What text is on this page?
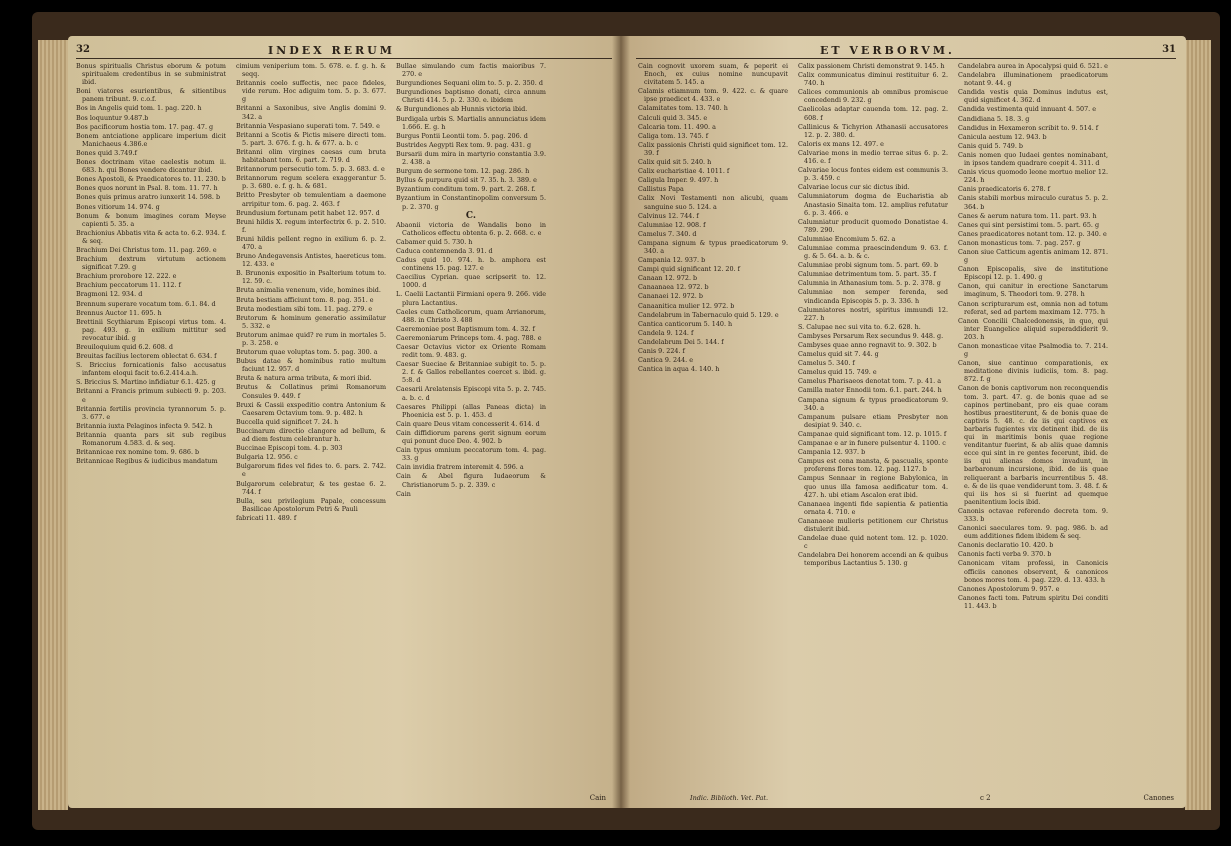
32	INDEX RERUM

Bonus spiritualis Christus eborum & potum spiritualem credentibus in se subministrat ibid.

Boni viatores esurientibus, & sitientibus panem tribunt. 9. c.o.f.

Bos in Angelis quid tom. 1. pag. 220. h

Bos loquuntur 9.487.b

Bos pacificorum hostia tom. 17. pag. 47. g

Bonem antciatione applicare imperium dicit Manichaeus 4.386.e

Bones quid 3.749.f

Bones doctrinam vitae caelestis notum ii. 683. h. qui Bones vendere dicantur ibid.

Bones Apostoli, & Praedicatores to. 11. 230. b

Bones quos norunt in Psal. 8. tom. 11. 77. h

Bones quis primus aratro iunxerit 14. 598. b

Bones vitiorum 14. 974. g

Bonum & bonum imagines coram Meyse capienti 5. 35. a

Brachionius Abbatis vita & acta to. 6.2. 934. f. & seq.

Brachium Dei Christus tom. 11. pag. 269. e

Brachium dextrum virtutum actionem significat 7.29. g

Brachium prorobore 12. 222. e

Brachium peccatorum 11. 112. f

Bragmoni 12. 934. d

Brennum superare vocatum tom. 6.1. 84. d

Brennus Auctor 11. 695. h

Brettinii Scythiarum Episcopi virtus tom. 4. pag. 493. g. in exilium mittitur sed revocatur ibid. g

Breuiloquium quid 6.2. 608. d

Breuitas facilius lectorem oblectat 6. 634. f

S. Briccius fornicationis falso accusatus infantem eloqui facit to.6.2.414.a.h.

S. Briccius S. Martino infidiatur 6.1. 425. g

Britanni a Francis primum subiecti 9. p. 203. e

Britannia fertilis provincia tyrannorum 5. p. 3. 677. e

Britannia iuxta Pelaginos infecta 9. 542. h

Britannia quanta pars sit sub regibus Romanorum 4.583. d. & seq.

Britannicae rex nomine tom. 9. 686. b

Britannicae Regibus & iudicibus mandatum

cimium veniperium tom. 5. 678. e. f. g. h. & seqq.

Britannis coelo suffectis, nec pace fideles, vide rerum. Hoc adiguim tom. 5. p. 3. 677. g

Britanni a Saxonibus, sive Anglis domini 9. 342. a

Britannia Vespasiano superati tom. 7. 549. e

Britanni a Scotis & Pictis misere directi tom. 5. part. 3. 676. f. g. h. & 677. a. b. c

Britanni olim virgines caesas cum bruta habitabant tom. 6. part. 2. 719. d

Britannorum persecutio tom. 5. p. 3. 683. d. e

Britannorum regum scelera exaggerantur 5. p. 3. 680. e. f. g. h. & 681.

Britto Presbyter ob temulentiam a daemone arripitur tom. 6. pag. 2. 463. f

Brundusium fortunam petit habet 12. 957. d

Bruni hildis X. regum interfectrix 6. p. 2. 510. f.

Bruni hildis pellent regno in exilium 6. p. 2. 470. a

Bruno Andegavensis Antistes, haereticus tom. 12. 433. e

B. Brunonis expositio in Psalterium totum to. 12. 59. c.

Bruta animalia venenum, vide, homines ibid.

Bruta bestiam afficiunt tom. 8. pag. 351. e

Bruta modestiam sibi tom. 11. pag. 279. e

Brutorum & hominum generatio assimilatur 5. 332. e

Brutorum animae quid? re rum in mortales 5. p. 3. 258. e

Brutorum quae voluptas tom. 5. pag. 300. a

Bubus datae & hominibus ratio multum faciunt 12. 957. d

Bruta & natura arma tributa, & mori ibid.

Brutus & Collatinus primi Romanorum Consules 9. 449. f

Bruxi & Cassii exspeditio contra Antonium & Caesarem Octavium tom. 9. p. 482. h

Buccella quid significet 7. 24. h

Buccinarum directio clangore ad bellum, & ad diem festum celebrantur h.

Buccinae Episcopi tom. 4. p. 303

Bulgaria 12. 956. c

Bulgarorum fides vel fides to. 6. pars. 2. 742. e

Bulgarorum celebratur, & tes gestae 6. 2. 744. f

Bulla, seu privilegium Papale, concessum Basilicae Apostolorum Petri & Pauli

fabricati 11. 489. f

Bullae simulando cum factis maioribus 7. 270. e

Burgundiones Sequani olim to. 5. p. 2. 350. d

Burgundiones baptismo donati, circa annum Christi 414. 5. p. 2. 330. e. ibidem

& Burgundiones ab Hunnis victoria ibid.

Burdigala urbis S. Martialis annunciatus idem 1.666. E. g. h

Burgus Pontii Leontii tom. 5. pag. 206. d

Bustrides Aegypti Rex tom. 9. pag. 431. g

Bursarii dum mira in martyrio constantia 3.9. 2. 438. a

Burgum de sermone tom. 12. pag. 286. h

Byllus & purpura quid sit 7. 35. h. 3. 389. e

Byzantium conditum tom. 9. part. 2. 268. f.

Byzantium in Constantinopolim conversum 5. p. 2. 370. g

C.

Abaonii victoria de Wandalis bono in Catholicos effectu obtenta 6. p. 2. 668. c. e

Cabamer quid 5. 730. h

Caduca contemnenda 3. 91. d

Cadus quid 10. 974. h. b. amphora est continens 15. pag. 127. e

Caecilius Cyprian. quae scripserit to. 12. 1000. d

L. Caelii Lactantii Firmiani opera 9. 266. vide plura Lactantius.

Caeles cum Catholicorum, quam Arrianorum, 488. in Christo 3. 488

Caeremoniae post Baptismum tom. 4. 32. f

Caeremoniarum Princeps tom. 4. pag. 788. e

Caesar Octavius victor ex Oriente Romam redit tom. 9. 483. g.

Caesar Sueciae & Britanniae subigit to. 5. p. 2. f. & Gallos rebellantes coercet s. ibid. g. 5:8. d

Caesarii Arelatensis Episcopi vita 5. p. 2. 745. a. b. c. d

Caesares Philippi (allas Paneas dicta) in Phoenicia est 5. p. 1. 453. d

Cain quare Deus vitam concesserit 4. 614. d

Cain diffidiorum parens gerit signum eorum qui ponunt duce Deo. 4. 902. b

Cain typus omnium peccatorum tom. 4. pag. 33. g

Cain invidia fratrem interemit 4. 596. a

Cain & Abel figura Iudaeorum & Christianorum 5. p. 2. 339. c

Cain

Cain
ET VERBORVM.	31

Cain cognovit uxorem suam, & peperit ei Enoch, ex cuius nomine nuncupavit civitatem 5. 145. a

Calamis etiamnum tom. 9. 422. c. & quare ipse praedicet 4. 433. e

Calamitates tom. 13. 740. h

Calculi quid 3. 345. e

Calcaria tom. 11. 490. a

Caliga tom. 13. 745. f

Calix passionis Christi quid significet tom. 12. 39. f

Calix quid sit 5. 240. h

Calix eucharistiae 4. 1011. f

Caligula Imper. 9. 497. h

Callistus Papa

Calix Novi Testamenti non alicubi, quam sanguine suo 5. 124. a

Calvinus 12. 744. f

Calumniae 12. 908. f

Camelus 7. 340. d

Campana signum & typus praedicatorum 9. 340. a

Campania 12. 937. b

Campi quid significant 12. 20. f

Canaan 12. 972. b

Canaanaea 12. 972. b

Cananaei 12. 972. b

Canaanitica mulier 12. 972. b

Candelabrum in Tabernaculo quid 5. 129. e

Cantica canticorum 5. 140. h

Candela 9. 124. f

Candelabrum Dei 5. 144. f

Canis 9. 224. f

Cantica 9. 244. e

Cantica in aqua 4. 140. h

Calix passionem Christi demonstrat 9. 145. h

Calix communicatus diminui restituitur 6. 2. 740. h

Calices communionis ab omnibus promiscue concedendi 9. 232. g

Caelicolas adaptar cauenda tom. 12. pag. 2. 608. f

Callinicus & Tichyrion Athanasii accusatores 12. p. 2. 380. d.

Caloris ex mans 12. 497. e

Calvariae mons in medio terrae situs 6. p. 2. 416. e. f

Calvariae locus fontes eidem est communis 3. p. 3. 459. c

Calvariae locus cur sic dictus ibid.

Calumniatorum dogma de Eucharistia ab Anastasio Sinaita tom. 12. amplius refutatur 6. p. 3. 466. e

Calumniatur producit quomodo Donatistae 4. 789. 290.

Calumniae Encomium 5. 62. a

Calumniae comma praescindendum 9. 63. f. g. & 5. 64. a. b. & c.

Calumniae probi signum tom. 5. part. 69. b

Calumniae detrimentum tom. 5. part. 35. f

Calumnia in Athanasium tom. 5. p. 2. 378. g

Calumniae non semper ferenda, sed vindicanda Episcopis 5. p. 3. 336. h

Calumniatores nostri, spiritus immundi 12. 227. h

S. Calupae nec sui vita to. 6.2. 628. h.

Cambyses Persarum Rex secundus 9. 448. g.

Cambyses quae anno regnavit to. 9. 302. b

Camelus quid sit 7. 44. g

Camelus 5. 340. f

Camelus quid 15. 749. e

Camelus Pharisaeos denotat tom. 7. p. 41. a

Camilla mater Ennodii tom. 6.1. part. 244. h

Campana signum & typus praedicatorum 9. 340. a

Campanum pulsare etiam Presbyter non desipiat 9. 340. c.

Campanae quid significant tom. 12. p. 1015. f

Campanae e ar in funere pulsentur 4. 1100. c

Campania 12. 937. b

Campus est cena mansta, & pascualis, sponte proferens flores tom. 12. pag. 1127. b

Campus Sennaar in regione Babylonica, in quo unus illa famosa aedificatur tom. 4. 427. h. ubi etiam Ascalon erat ibid.

Cananaea ingenti fide sapientia & patientia ornata 4. 710. e

Cananaeae mulieris petitionem cur Christus distulerit ibid.

Candelae duae quid notent tom. 12. p. 1020. c

Candelabra Dei honorem accendi an & quibus temporibus Lactantius 5. 130. g

Candelabra aurea in Apocalypsi quid 6. 521. e

Candelabra illuminationem praedicatorum notant 9. 44. g

Candida vestis quia Dominus indutus est, quid significet 4. 362. d

Candida vestimenta quid innuant 4. 507. e

Candidiana 5. 18. 3. g

Candidus in Hexameron scribit to. 9. 514. f

Canicula aestum 12. 943. b

Canis quid 5. 749. b

Canis nomen quo Iudaei gentes nominabant, in ipsos tandem quadrare coepit 4. 311. d

Canis vicus quomodo leone mortuo melior 12. 224. h

Canis praedicatoris 6. 278. f

Canis stabili morbus miraculo curatus 5. p. 2. 364. b

Canes & aerum natura tom. 11. part. 93. h

Canes qui sint persistimi tom. 5. part. 65. g

Canes praedicatores notant tom. 12. p. 340. e

Canon monasticus tom. 7. pag. 257. g

Canon siue Catticum agentis animam 12. 871. g

Canon Episcopalis, sive de institutione Episcopi 12. p. 1. 490. g

Canon, qui canitur in erectione Sanctarum imaginum, S. Theodori tom. 9. 278. h

Canon scripturarum est, omnia non ad totum referat, sed ad partem maximam 12. 775. h

Canon Concilii Chalcedonensis, in quo, qui inter Euangelice aliquid superaddiderit 9. 203. h

Canon monasticae vitae Psalmodia to. 7. 214. g

Canon, siue cantinuo comparationis, ex meditatione divinis iudiciis, tom. 8. pag. 872. f. g

Canon de bonis captivorum non reconquendis tom. 3. part. 47. g. de bonis quae ad se capinos pertinebant, pro eis quae coram hostibus praestiterunt, & de bonis quae de captivis 5. 48. c. de iis qui captivos ex barbaris fugientes vix detinent ibid. de iis qui in maritimis bonis quae regione venditantur fuerint, & ab aliis quae damnis ecce qui sint in re gentes fecerunt, ibid. de iis qui alienas domos invadunt, in barbaronum incursione, ibid. de iis quae reliquerant a barbaris incurrentibus 5. 48. e. & de iis quae vendiderunt tom. 3. 48. f. & qui iis hos si si fuerint ad quemque paenitentium locis ibid.

Canonis octavae referendo decreta tom. 9. 333. b

Canonici saeculares tom. 9. pag. 986. b. ad eum additiones fidem ibidem & seq.

Canonis declaratio 10. 420. b

Canonis facti verba 9. 370. b

Canonicam vitam professi, in Canonicis officiis canones observent, & canonicos bonos mores tom. 4. pag. 229. d. 13. 433. h

Canones Apostolorum 9. 957. e

Canones facti tom. Patrum spiritu Dei conditi 11. 443. b

Indic. Biblioth. Vet. Pat.	c 2	Canones
